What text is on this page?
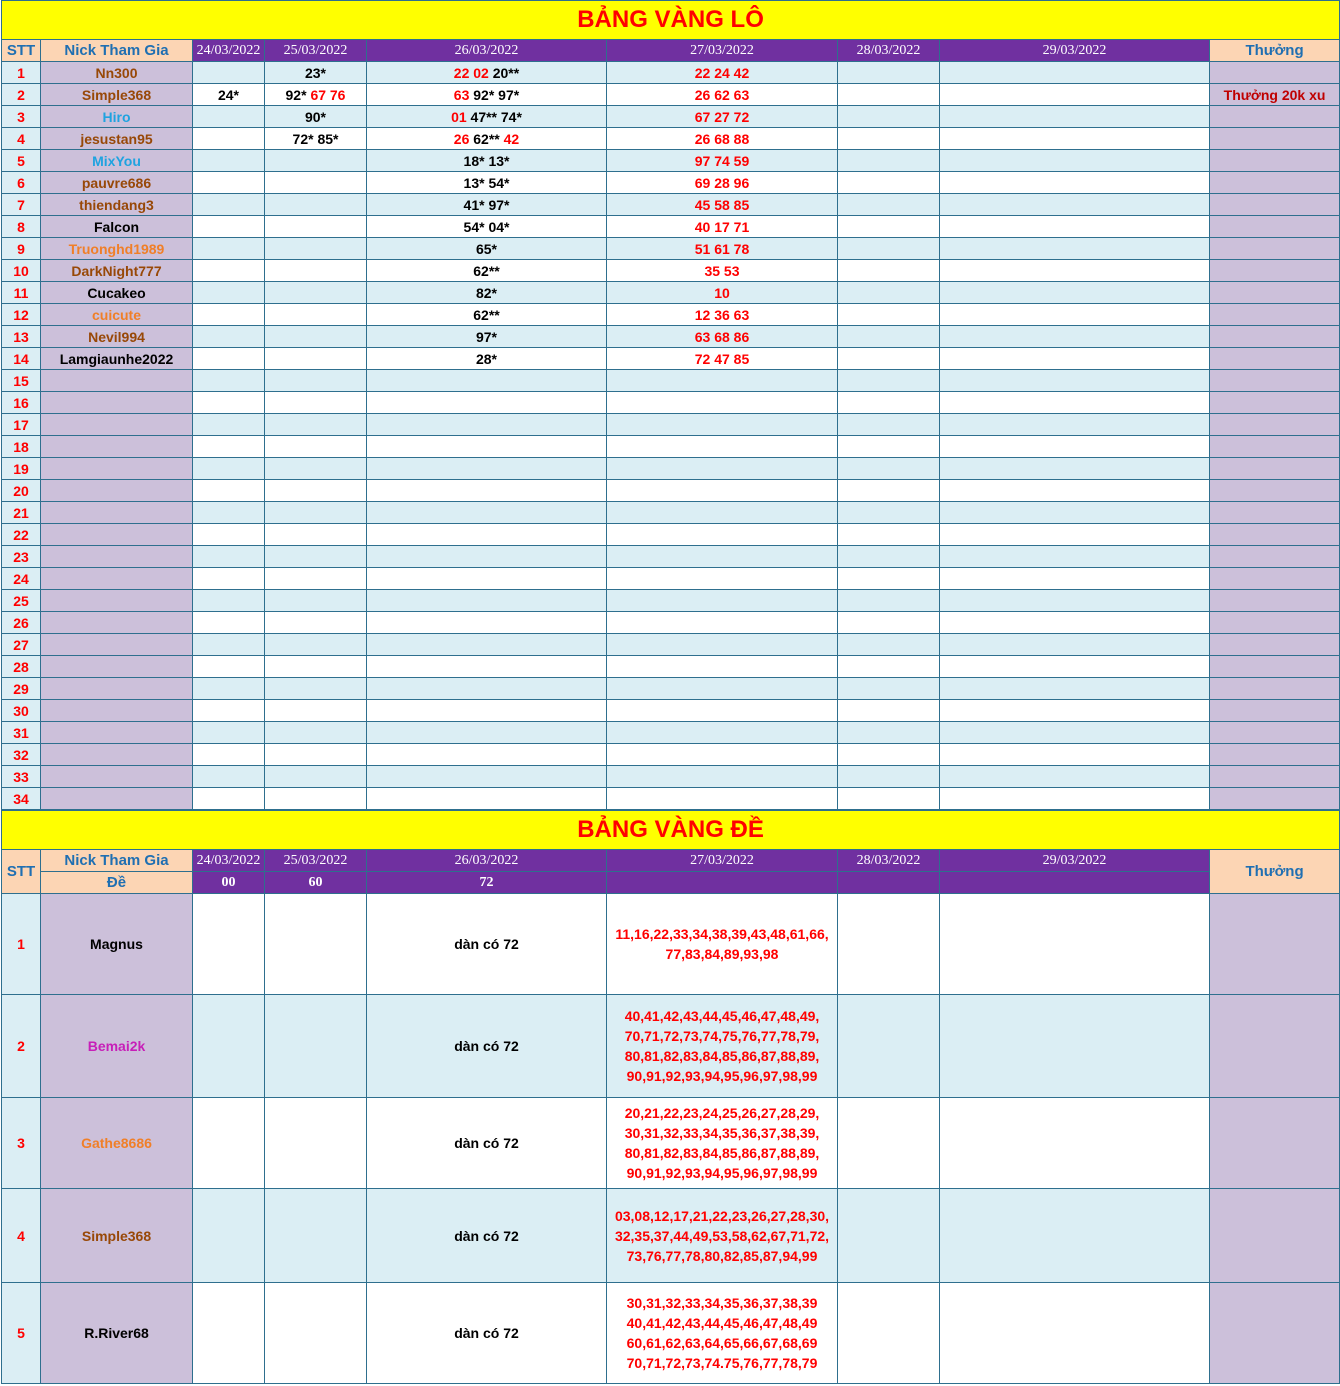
BẢNG VÀNG LÔ								
STT	Nick Tham Gia	24/03/2022	25/03/2022	26/03/2022	27/03/2022	28/03/2022	29/03/2022	Thưởng
1	Nn300		23*	22 02 20**	22 24 42			
2	Simple368	24*	92* 67 76	63 92* 97*	26 62 63			Thưởng 20k xu
3	Hiro		90*	01 47** 74*	67 27 72			
4	jesustan95		72* 85*	26 62** 42	26 68 88			
5	MixYou			18* 13*	97 74 59			
6	pauvre686			13* 54*	69 28 96			
7	thiendang3			41* 97*	45 58 85			
8	Falcon			54* 04*	40 17 71			
9	Truonghd1989			65*	51 61 78			
10	DarkNight777			62**	35 53			
11	Cucakeo			82*	10			
12	cuicute			62**	12 36 63			
13	Nevil994			97*	63 68 86			
14	Lamgiaunhe2022			28*	72 47 85			
15								
16								
17								
18								
19								
20								
21								
22								
23								
24								
25								
26								
27								
28								
29								
30								
31								
32								
33								
34								
BẢNG VÀNG ĐỀ								
STT	Nick Tham Gia	24/03/2022	25/03/2022	26/03/2022	27/03/2022	28/03/2022	29/03/2022	Thưởng
	Đề	00	60	72				
1	Magnus			dàn có 72	11,16,22,33,34,38,39,43,48,61,66,
77,83,84,89,93,98			

2	Bemai2k			dàn có 72	40,41,42,43,44,45,46,47,48,49,
70,71,72,73,74,75,76,77,78,79,
80,81,82,83,84,85,86,87,88,89,
90,91,92,93,94,95,96,97,98,99			

3	Gathe8686			dàn có 72	20,21,22,23,24,25,26,27,28,29,
30,31,32,33,34,35,36,37,38,39,
80,81,82,83,84,85,86,87,88,89,
90,91,92,93,94,95,96,97,98,99			

4	Simple368			dàn có 72	03,08,12,17,21,22,23,26,27,28,30,
32,35,37,44,49,53,58,62,67,71,72,
73,76,77,78,80,82,85,87,94,99			

5	R.River68			dàn có 72	30,31,32,33,34,35,36,37,38,39
40,41,42,43,44,45,46,47,48,49
60,61,62,63,64,65,66,67,68,69
70,71,72,73,74.75,76,77,78,79			
